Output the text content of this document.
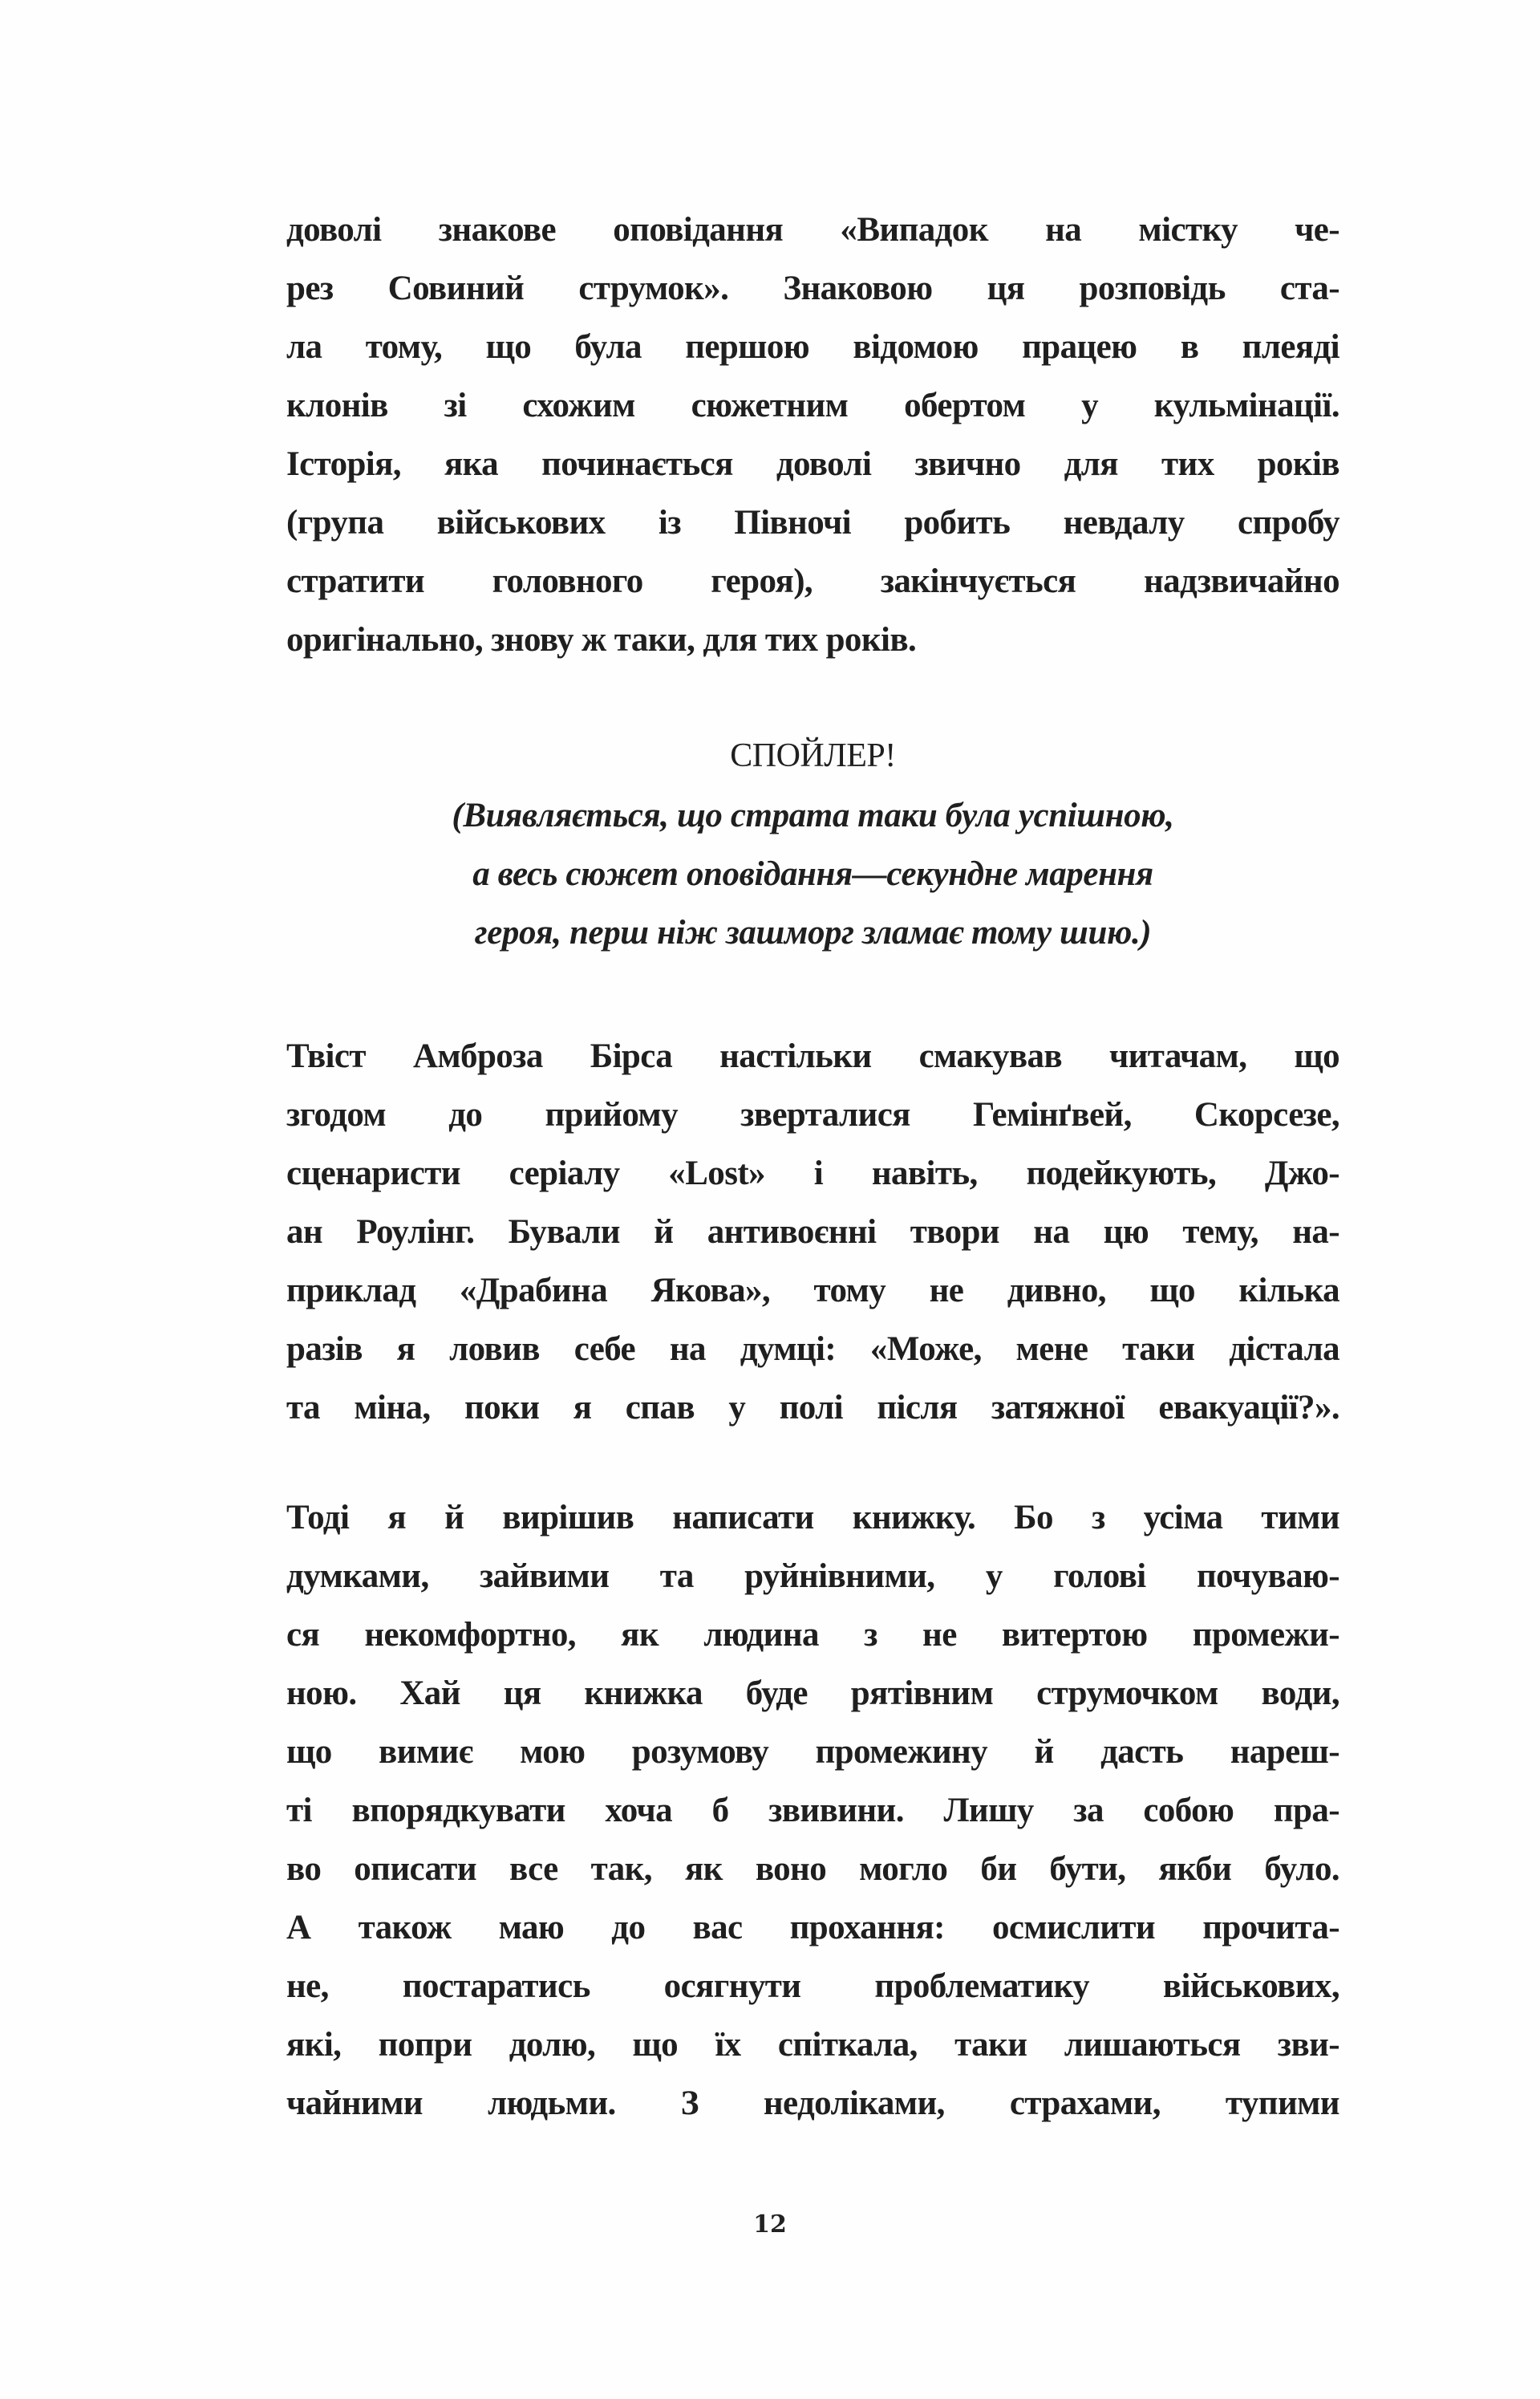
доволі знакове оповідання «Випадок на містку че-
рез Совиний струмок». Знаковою ця розповідь ста-
ла тому, що була першою відомою працею в плеяді
клонів зі схожим сюжетним обертом у кульмінації.
Історія, яка починається доволі звично для тих років
(група військових із Півночі робить невдалу спробу
стратити головного героя), закінчується надзвичайно
оригінально, знову ж таки, для тих років.
СПОЙЛЕР!
(Виявляється, що страта таки була успішною,
а весь сюжет оповідання—секундне марення
героя, перш ніж зашморг зламає тому шию.)
Твіст Амброза Бірса настільки смакував читачам, що
згодом до прийому зверталися Гемінґвей, Скорсезе,
сценаристи серіалу «Lost» і навіть, подейкують, Джо-
ан Роулінг. Бували й антивоєнні твори на цю тему, на-
приклад «Драбина Якова», тому не дивно, що кілька
разів я ловив себе на думці: «Може, мене таки дістала
та міна, поки я спав у полі після затяжної евакуації?».
Тоді я й вирішив написати книжку. Бо з усіма тими
думками, зайвими та руйнівними, у голові почуваю-
ся некомфортно, як людина з не витертою промежи-
ною. Хай ця книжка буде рятівним струмочком води,
що вимиє мою розумову промежину й дасть нареш-
ті впорядкувати хоча б звивини. Лишу за собою пра-
во описати все так, як воно могло би бути, якби було.
А також маю до вас прохання: осмислити прочита-
не, постаратись осягнути проблематику військових,
які, попри долю, що їх спіткала, таки лишаються зви-
чайними людьми. З недоліками, страхами, тупими
12
